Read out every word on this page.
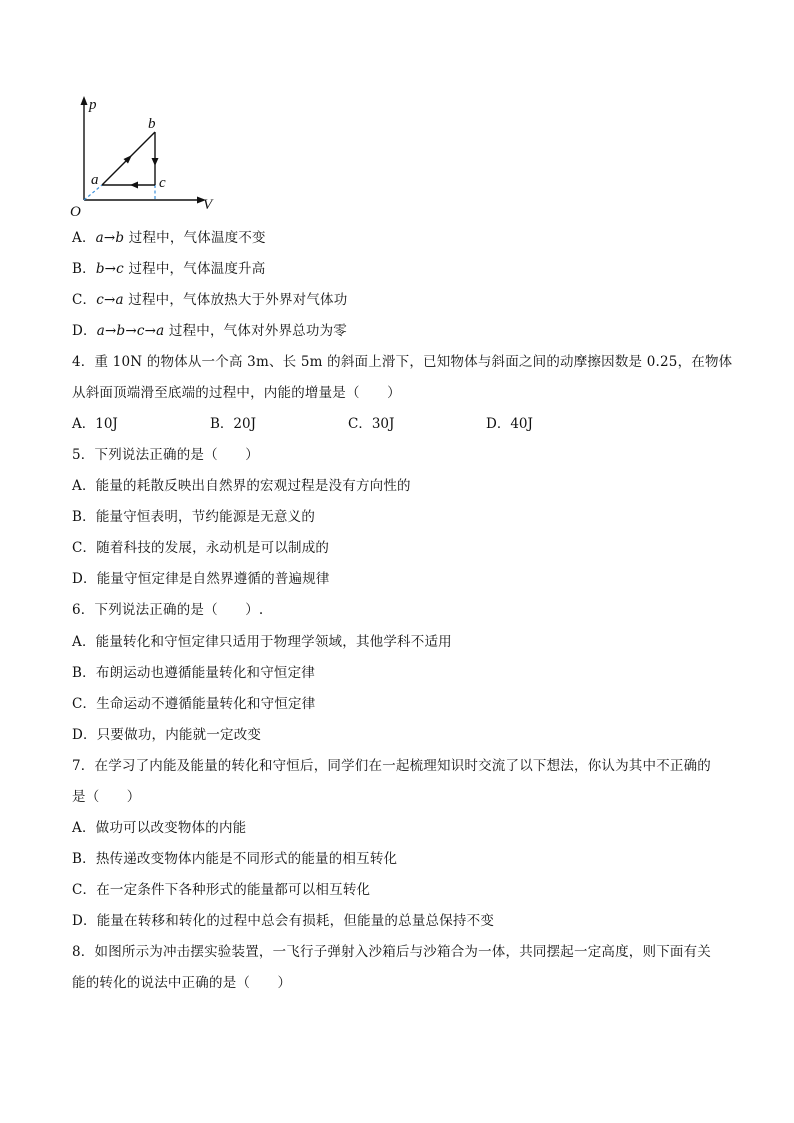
p
V
O
a
b
c
A．a→b 过程中，气体温度不变
B．b→c 过程中，气体温度升高
C．c→a 过程中，气体放热大于外界对气体功
D．a→b→c→a 过程中，气体对外界总功为零
4．重 10N 的物体从一个高 3m、长 5m 的斜面上滑下，已知物体与斜面之间的动摩擦因数是 0.25，在物体
从斜面顶端滑至底端的过程中，内能的增量是（　　）
A．10J	B．20J	C．30J	D．40J
5．下列说法正确的是（　　）
A．能量的耗散反映出自然界的宏观过程是没有方向性的
B．能量守恒表明，节约能源是无意义的
C．随着科技的发展，永动机是可以制成的
D．能量守恒定律是自然界遵循的普遍规律
6．下列说法正确的是（　　）.
A．能量转化和守恒定律只适用于物理学领域，其他学科不适用
B．布朗运动也遵循能量转化和守恒定律
C．生命运动不遵循能量转化和守恒定律
D．只要做功，内能就一定改变
7．在学习了内能及能量的转化和守恒后，同学们在一起梳理知识时交流了以下想法，你认为其中不正确的
是（　　）
A．做功可以改变物体的内能
B．热传递改变物体内能是不同形式的能量的相互转化
C．在一定条件下各种形式的能量都可以相互转化
D．能量在转移和转化的过程中总会有损耗，但能量的总量总保持不变
8．如图所示为冲击摆实验装置，一飞行子弹射入沙箱后与沙箱合为一体，共同摆起一定高度，则下面有关
能的转化的说法中正确的是（　　）
